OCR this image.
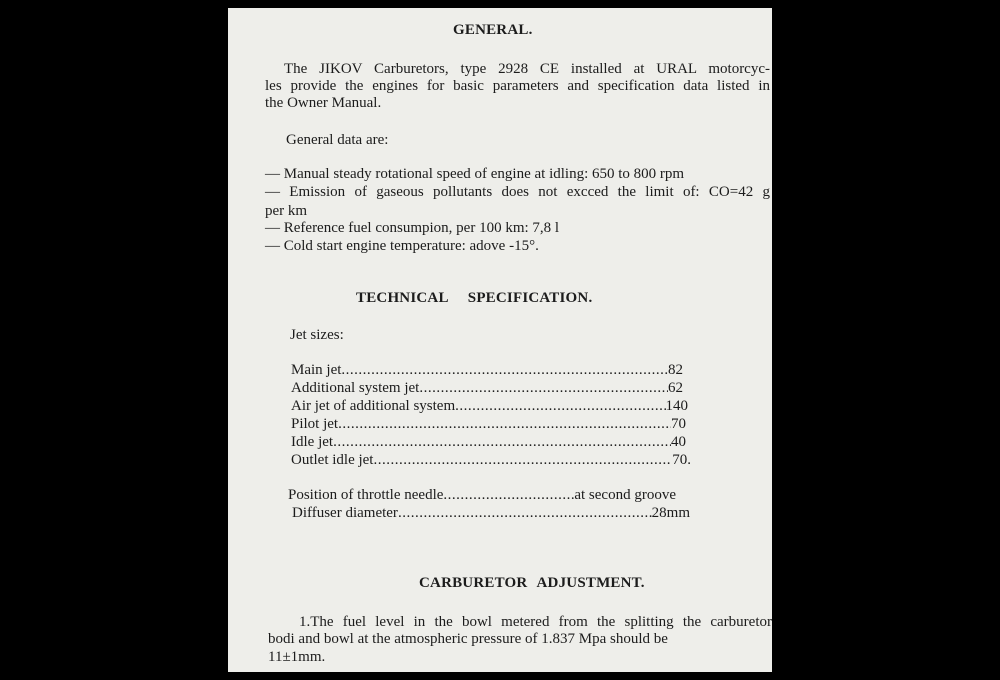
GENERAL.
The JIKOV Carburetors, type 2928 CE installed at URAL motorcyc-
les provide the engines for basic parameters and specification data listed in
the Owner Manual.
General data are:
— Manual steady rotational speed of engine at idling: 650 to 800 rpm
— Emission of gaseous pollutants does not excced the limit of: CO=42 g
per km
— Reference fuel consumpion, per 100 km: 7,8 l
— Cold start engine temperature: adove -15°.
TECHNICAL SPECIFICATION.
Jet sizes:
Main jet .....	82
Additional system jet .....	62
Air jet of additional system .....	140
Pilot jet .....	70
Idle jet .....	40
Outlet idle jet .....	70.
Position of throttle needle .....	at second groove
Diffuser diameter .....	28mm
CARBURETOR ADJUSTMENT.
1.The fuel level in the bowl metered from the splitting the carburetor
bodi and bowl at the atmospheric pressure of 1.837 Mpa should be
11±1mm.
